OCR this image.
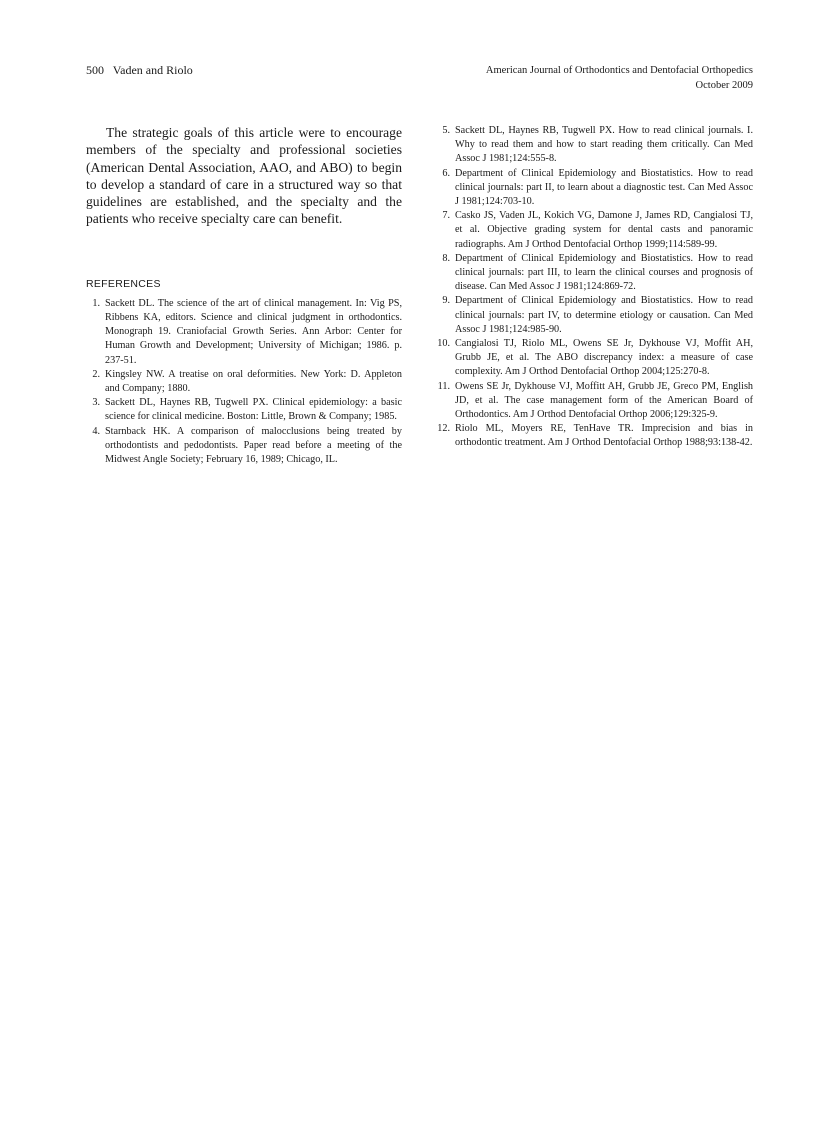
500 Vaden and Riolo	American Journal of Orthodontics and Dentofacial Orthopedics
October 2009

The strategic goals of this article were to encourage members of the specialty and professional societies (American Dental Association, AAO, and ABO) to begin to develop a standard of care in a structured way so that guidelines are established, and the specialty and the patients who receive specialty care can benefit.

REFERENCES
1. Sackett DL. The science of the art of clinical management. In: Vig PS, Ribbens KA, editors. Science and clinical judgment in orthodontics. Monograph 19. Craniofacial Growth Series. Ann Arbor: Center for Human Growth and Development; University of Michigan; 1986. p. 237-51.
2. Kingsley NW. A treatise on oral deformities. New York: D. Appleton and Company; 1880.
3. Sackett DL, Haynes RB, Tugwell PX. Clinical epidemiology: a basic science for clinical medicine. Boston: Little, Brown & Company; 1985.
4. Starnback HK. A comparison of malocclusions being treated by orthodontists and pedodontists. Paper read before a meeting of the Midwest Angle Society; February 16, 1989; Chicago, IL.
5. Sackett DL, Haynes RB, Tugwell PX. How to read clinical journals. I. Why to read them and how to start reading them critically. Can Med Assoc J 1981;124:555-8.
6. Department of Clinical Epidemiology and Biostatistics. How to read clinical journals: part II, to learn about a diagnostic test. Can Med Assoc J 1981;124:703-10.
7. Casko JS, Vaden JL, Kokich VG, Damone J, James RD, Cangialosi TJ, et al. Objective grading system for dental casts and panoramic radiographs. Am J Orthod Dentofacial Orthop 1999;114:589-99.
8. Department of Clinical Epidemiology and Biostatistics. How to read clinical journals: part III, to learn the clinical courses and prognosis of disease. Can Med Assoc J 1981;124:869-72.
9. Department of Clinical Epidemiology and Biostatistics. How to read clinical journals: part IV, to determine etiology or causation. Can Med Assoc J 1981;124:985-90.
10. Cangialosi TJ, Riolo ML, Owens SE Jr, Dykhouse VJ, Moffit AH, Grubb JE, et al. The ABO discrepancy index: a measure of case complexity. Am J Orthod Dentofacial Orthop 2004;125:270-8.
11. Owens SE Jr, Dykhouse VJ, Moffitt AH, Grubb JE, Greco PM, English JD, et al. The case management form of the American Board of Orthodontics. Am J Orthod Dentofacial Orthop 2006;129:325-9.
12. Riolo ML, Moyers RE, TenHave TR. Imprecision and bias in orthodontic treatment. Am J Orthod Dentofacial Orthop 1988;93:138-42.
